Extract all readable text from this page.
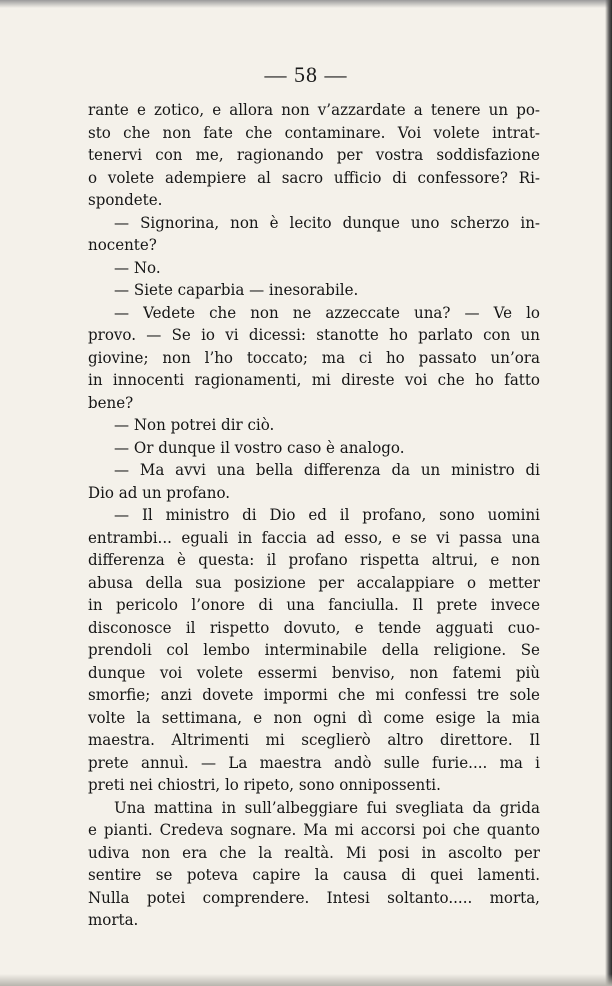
— 58 —
rante e zotico, e allora non v’azzardate a tenere un po-
sto che non fate che contaminare. Voi volete intrat-
tenervi con me, ragionando per vostra soddisfazione
o volete adempiere al sacro ufficio di confessore? Ri-
spondete.
— Signorina, non è lecito dunque uno scherzo in-
nocente?
— No.
— Siete caparbia — inesorabile.
— Vedete che non ne azzeccate una? — Ve lo
provo. — Se io vi dicessi: stanotte ho parlato con un
giovine; non l’ho toccato; ma ci ho passato un’ora
in innocenti ragionamenti, mi direste voi che ho fatto
bene?
— Non potrei dir ciò.
— Or dunque il vostro caso è analogo.
— Ma avvi una bella differenza da un ministro di
Dio ad un profano.
— Il ministro di Dio ed il profano, sono uomini
entrambi... eguali in faccia ad esso, e se vi passa una
differenza è questa: il profano rispetta altrui, e non
abusa della sua posizione per accalappiare o metter
in pericolo l’onore di una fanciulla. Il prete invece
disconosce il rispetto dovuto, e tende agguati cuo-
prendoli col lembo interminabile della religione. Se
dunque voi volete essermi benviso, non fatemi più
smorfie; anzi dovete impormi che mi confessi tre sole
volte la settimana, e non ogni dì come esige la mia
maestra. Altrimenti mi sceglierò altro direttore. Il
prete annuì. — La maestra andò sulle furie.... ma i
preti nei chiostri, lo ripeto, sono onnipossenti.
Una mattina in sull’albeggiare fui svegliata da grida
e pianti. Credeva sognare. Ma mi accorsi poi che quanto
udiva non era che la realtà. Mi posi in ascolto per
sentire se poteva capire la causa di quei lamenti.
Nulla potei comprendere. Intesi soltanto..... morta,
morta.
